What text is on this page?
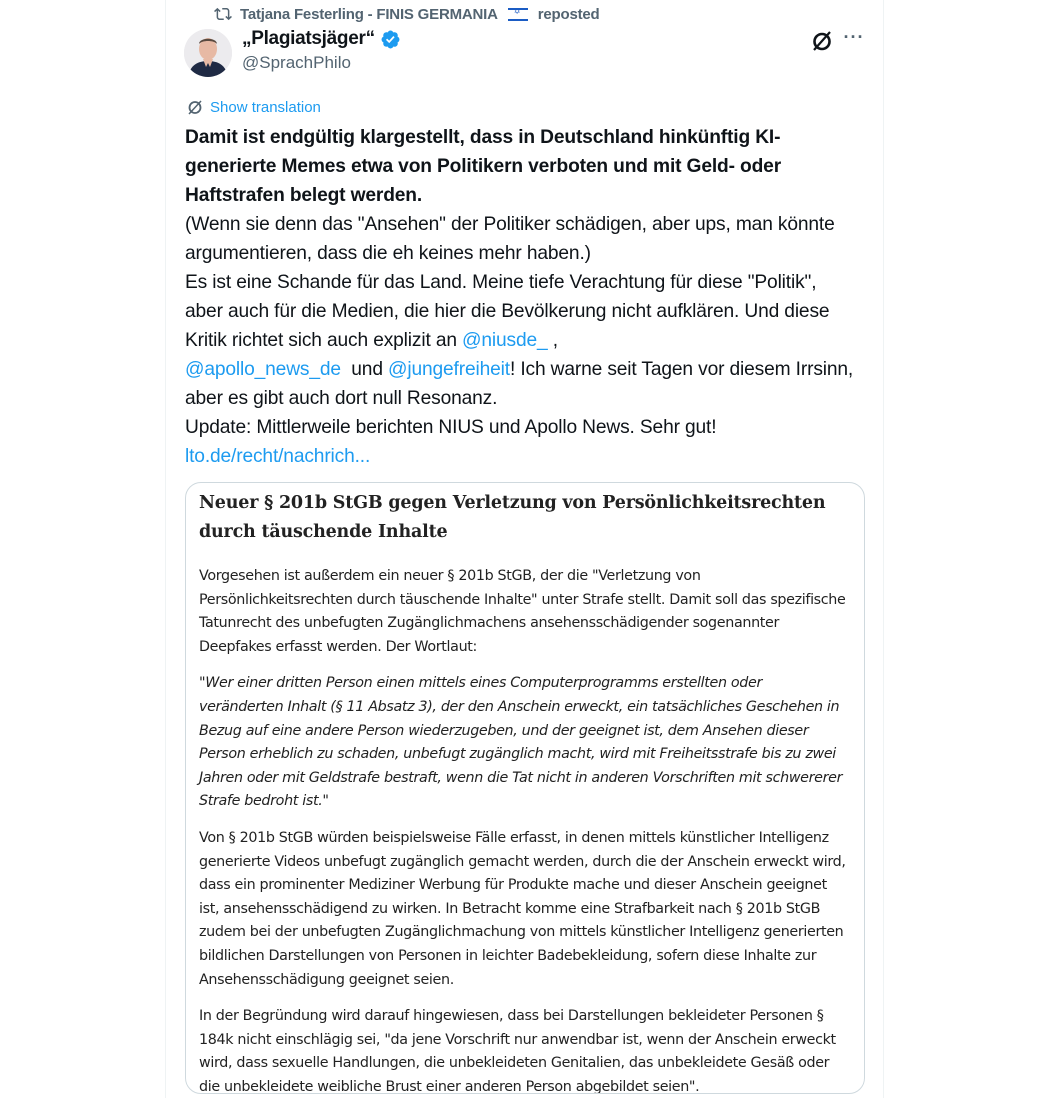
Tatjana Festerling - FINIS GERMANIA ✡	reposted
„Plagiatsjäger“
@SprachPhilo
···
Show translation
Damit ist endgültig klargestellt, dass in Deutschland hinkünftig KI-generierte Memes etwa von Politikern verboten und mit Geld- oder Haftstrafen belegt werden.
(Wenn sie denn das "Ansehen" der Politiker schädigen, aber ups, man könnte argumentieren, dass die eh keines mehr haben.)
Es ist eine Schande für das Land. Meine tiefe Verachtung für diese "Politik", aber auch für die Medien, die hier die Bevölkerung nicht aufklären. Und diese Kritik richtet sich auch explizit an @niusde_ ,
@apollo_news_de  und @jungefreiheit! Ich warne seit Tagen vor diesem Irrsinn, aber es gibt auch dort null Resonanz.
Update: Mittlerweile berichten NIUS und Apollo News. Sehr gut!
lto.de/recht/nachrich...
Neuer § 201b StGB gegen Verletzung von Persönlichkeitsrechten durch täuschende Inhalte
Vorgesehen ist außerdem ein neuer § 201b StGB, der die "Verletzung von Persönlichkeitsrechten durch täuschende Inhalte" unter Strafe stellt. Damit soll das spezifische Tatunrecht des unbefugten Zugänglichmachens ansehensschädigender sogenannter Deepfakes erfasst werden. Der Wortlaut:
"Wer einer dritten Person einen mittels eines Computerprogramms erstellten oder veränderten Inhalt (§ 11 Absatz 3), der den Anschein erweckt, ein tatsächliches Geschehen in Bezug auf eine andere Person wiederzugeben, und der geeignet ist, dem Ansehen dieser Person erheblich zu schaden, unbefugt zugänglich macht, wird mit Freiheitsstrafe bis zu zwei Jahren oder mit Geldstrafe bestraft, wenn die Tat nicht in anderen Vorschriften mit schwererer Strafe bedroht ist."
Von § 201b StGB würden beispielsweise Fälle erfasst, in denen mittels künstlicher Intelligenz generierte Videos unbefugt zugänglich gemacht werden, durch die der Anschein erweckt wird, dass ein prominenter Mediziner Werbung für Produkte mache und dieser Anschein geeignet ist, ansehensschädigend zu wirken. In Betracht komme eine Strafbarkeit nach § 201b StGB zudem bei der unbefugten Zugänglichmachung von mittels künstlicher Intelligenz generierten bildlichen Darstellungen von Personen in leichter Badebekleidung, sofern diese Inhalte zur Ansehensschädigung geeignet seien.
In der Begründung wird darauf hingewiesen, dass bei Darstellungen bekleideter Personen § 184k nicht einschlägig sei, "da jene Vorschrift nur anwendbar ist, wenn der Anschein erweckt wird, dass sexuelle Handlungen, die unbekleideten Genitalien, das unbekleidete Gesäß oder die unbekleidete weibliche Brust einer anderen Person abgebildet seien".
